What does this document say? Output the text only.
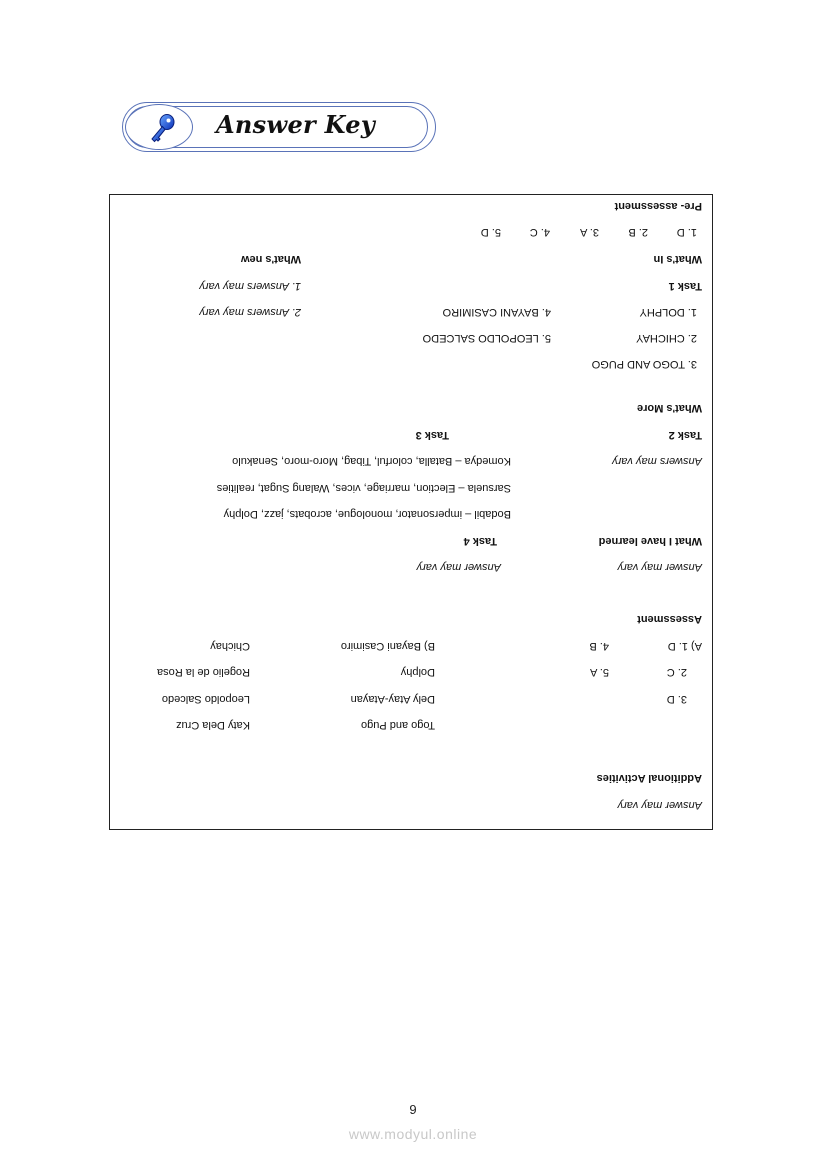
Answer Key
Pre- assessment
1. D
2. B
3. A
4. C
5. D
What's In
What's new
Task 1
1. Answers may vary
1. DOLPHY
4. BAYANI CASIMIRO
2. Answers may vary
2. CHICHAY
5. LEOPOLDO SALCEDO
3. TOGO AND PUGO
What's More
Task 2
Task 3
Answers may vary
Komedya – Batalla, colorful, Tibag, Moro-moro, Senakulo
Sarsuela – Election, marriage, vices, Walang Sugat, realities
Bodabil – impersonator, monologue, acrobats, jazz, Dolphy
What I have learned
Task 4
Answer may vary
Answer may vary
Assessment
A) 1. D
4. B
B) Bayani Casimiro
Chichay
2. C
5. A
Dolphy
Rogelio de la Rosa
3. D
Dely Atay-Atayan
Leopoldo Salcedo
Togo and Pugo
Katy Dela Cruz
Additional Activities
Answer may vary
9
www.modyul.online
